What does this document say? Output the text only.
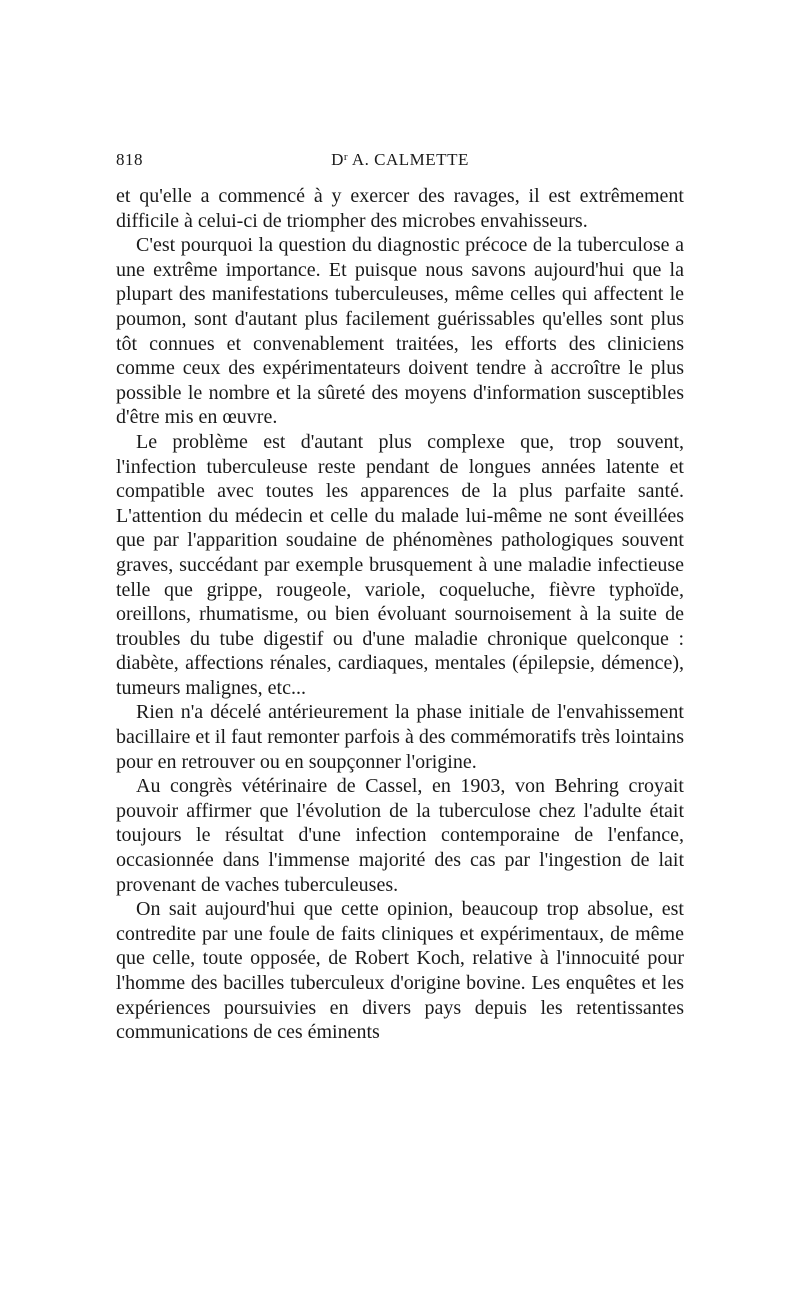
818	$D^r$ A. CALMETTE

et qu'elle a commencé à y exercer des ravages, il est extrêmement difficile à celui-ci de triompher des microbes envahisseurs.

C'est pourquoi la question du diagnostic précoce de la tuberculose a une extrême importance. Et puisque nous savons aujourd'hui que la plupart des manifestations tuberculeuses, même celles qui affectent le poumon, sont d'autant plus facilement guérissables qu'elles sont plus tôt connues et convenablement traitées, les efforts des cliniciens comme ceux des expérimentateurs doivent tendre à accroître le plus possible le nombre et la sûreté des moyens d'information susceptibles d'être mis en œuvre.

Le problème est d'autant plus complexe que, trop souvent, l'infection tuberculeuse reste pendant de longues années latente et compatible avec toutes les apparences de la plus parfaite santé. L'attention du médecin et celle du malade lui-même ne sont éveillées que par l'apparition soudaine de phénomènes pathologiques souvent graves, succédant par exemple brusquement à une maladie infectieuse telle que grippe, rougeole, variole, coqueluche, fièvre typhoïde, oreillons, rhumatisme, ou bien évoluant sournoisement à la suite de troubles du tube digestif ou d'une maladie chronique quelconque : diabète, affections rénales, cardiaques, mentales (épilepsie, démence), tumeurs malignes, etc...

Rien n'a décelé antérieurement la phase initiale de l'envahissement bacillaire et il faut remonter parfois à des commémoratifs très lointains pour en retrouver ou en soupçonner l'origine.

Au congrès vétérinaire de Cassel, en 1903, von Behring croyait pouvoir affirmer que l'évolution de la tuberculose chez l'adulte était toujours le résultat d'une infection contemporaine de l'enfance, occasionnée dans l'immense majorité des cas par l'ingestion de lait provenant de vaches tuberculeuses.

On sait aujourd'hui que cette opinion, beaucoup trop absolue, est contredite par une foule de faits cliniques et expérimentaux, de même que celle, toute opposée, de Robert Koch, relative à l'innocuité pour l'homme des bacilles tuberculeux d'origine bovine. Les enquêtes et les expériences poursuivies en divers pays depuis les retentissantes communications de ces éminents
